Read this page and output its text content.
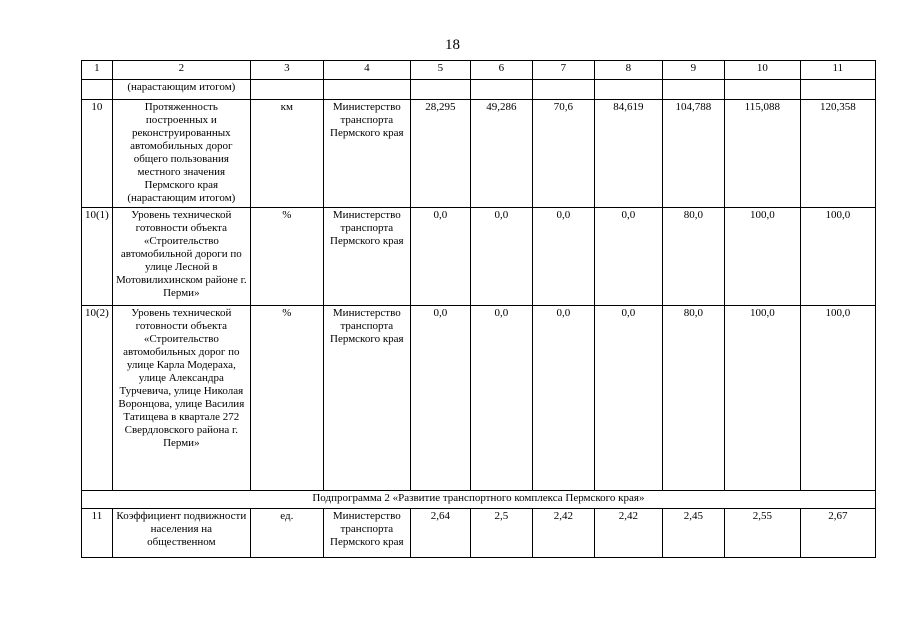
18
1	2	3	4	5	6	7	8	9	10	11
	(нарастающим итогом)									
10	Протяженность построенных и реконструированных автомобильных дорог общего пользования местного значения Пермского края (нарастающим итогом)	км	Министерство транспорта Пермского края	28,295	49,286	70,6	84,619	104,788	115,088	120,358
10(1)	Уровень технической готовности объекта «Строительство автомобильной дороги по улице Лесной в Мотовилихинском районе г. Перми»	%	Министерство транспорта Пермского края	0,0	0,0	0,0	0,0	80,0	100,0	100,0
10(2)	Уровень технической готовности объекта «Строительство автомобильных дорог по улице Карла Модераха, улице Александра Турчевича, улице Николая Воронцова, улице Василия Татищева в квартале 272 Свердловского района г. Перми»	%	Министерство транспорта Пермского края	0,0	0,0	0,0	0,0	80,0	100,0	100,0
Подпрограмма 2 «Развитие транспортного комплекса Пермского края»										
11	Коэффициент подвижности населения на общественном	ед.	Министерство транспорта Пермского края	2,64	2,5	2,42	2,42	2,45	2,55	2,67
